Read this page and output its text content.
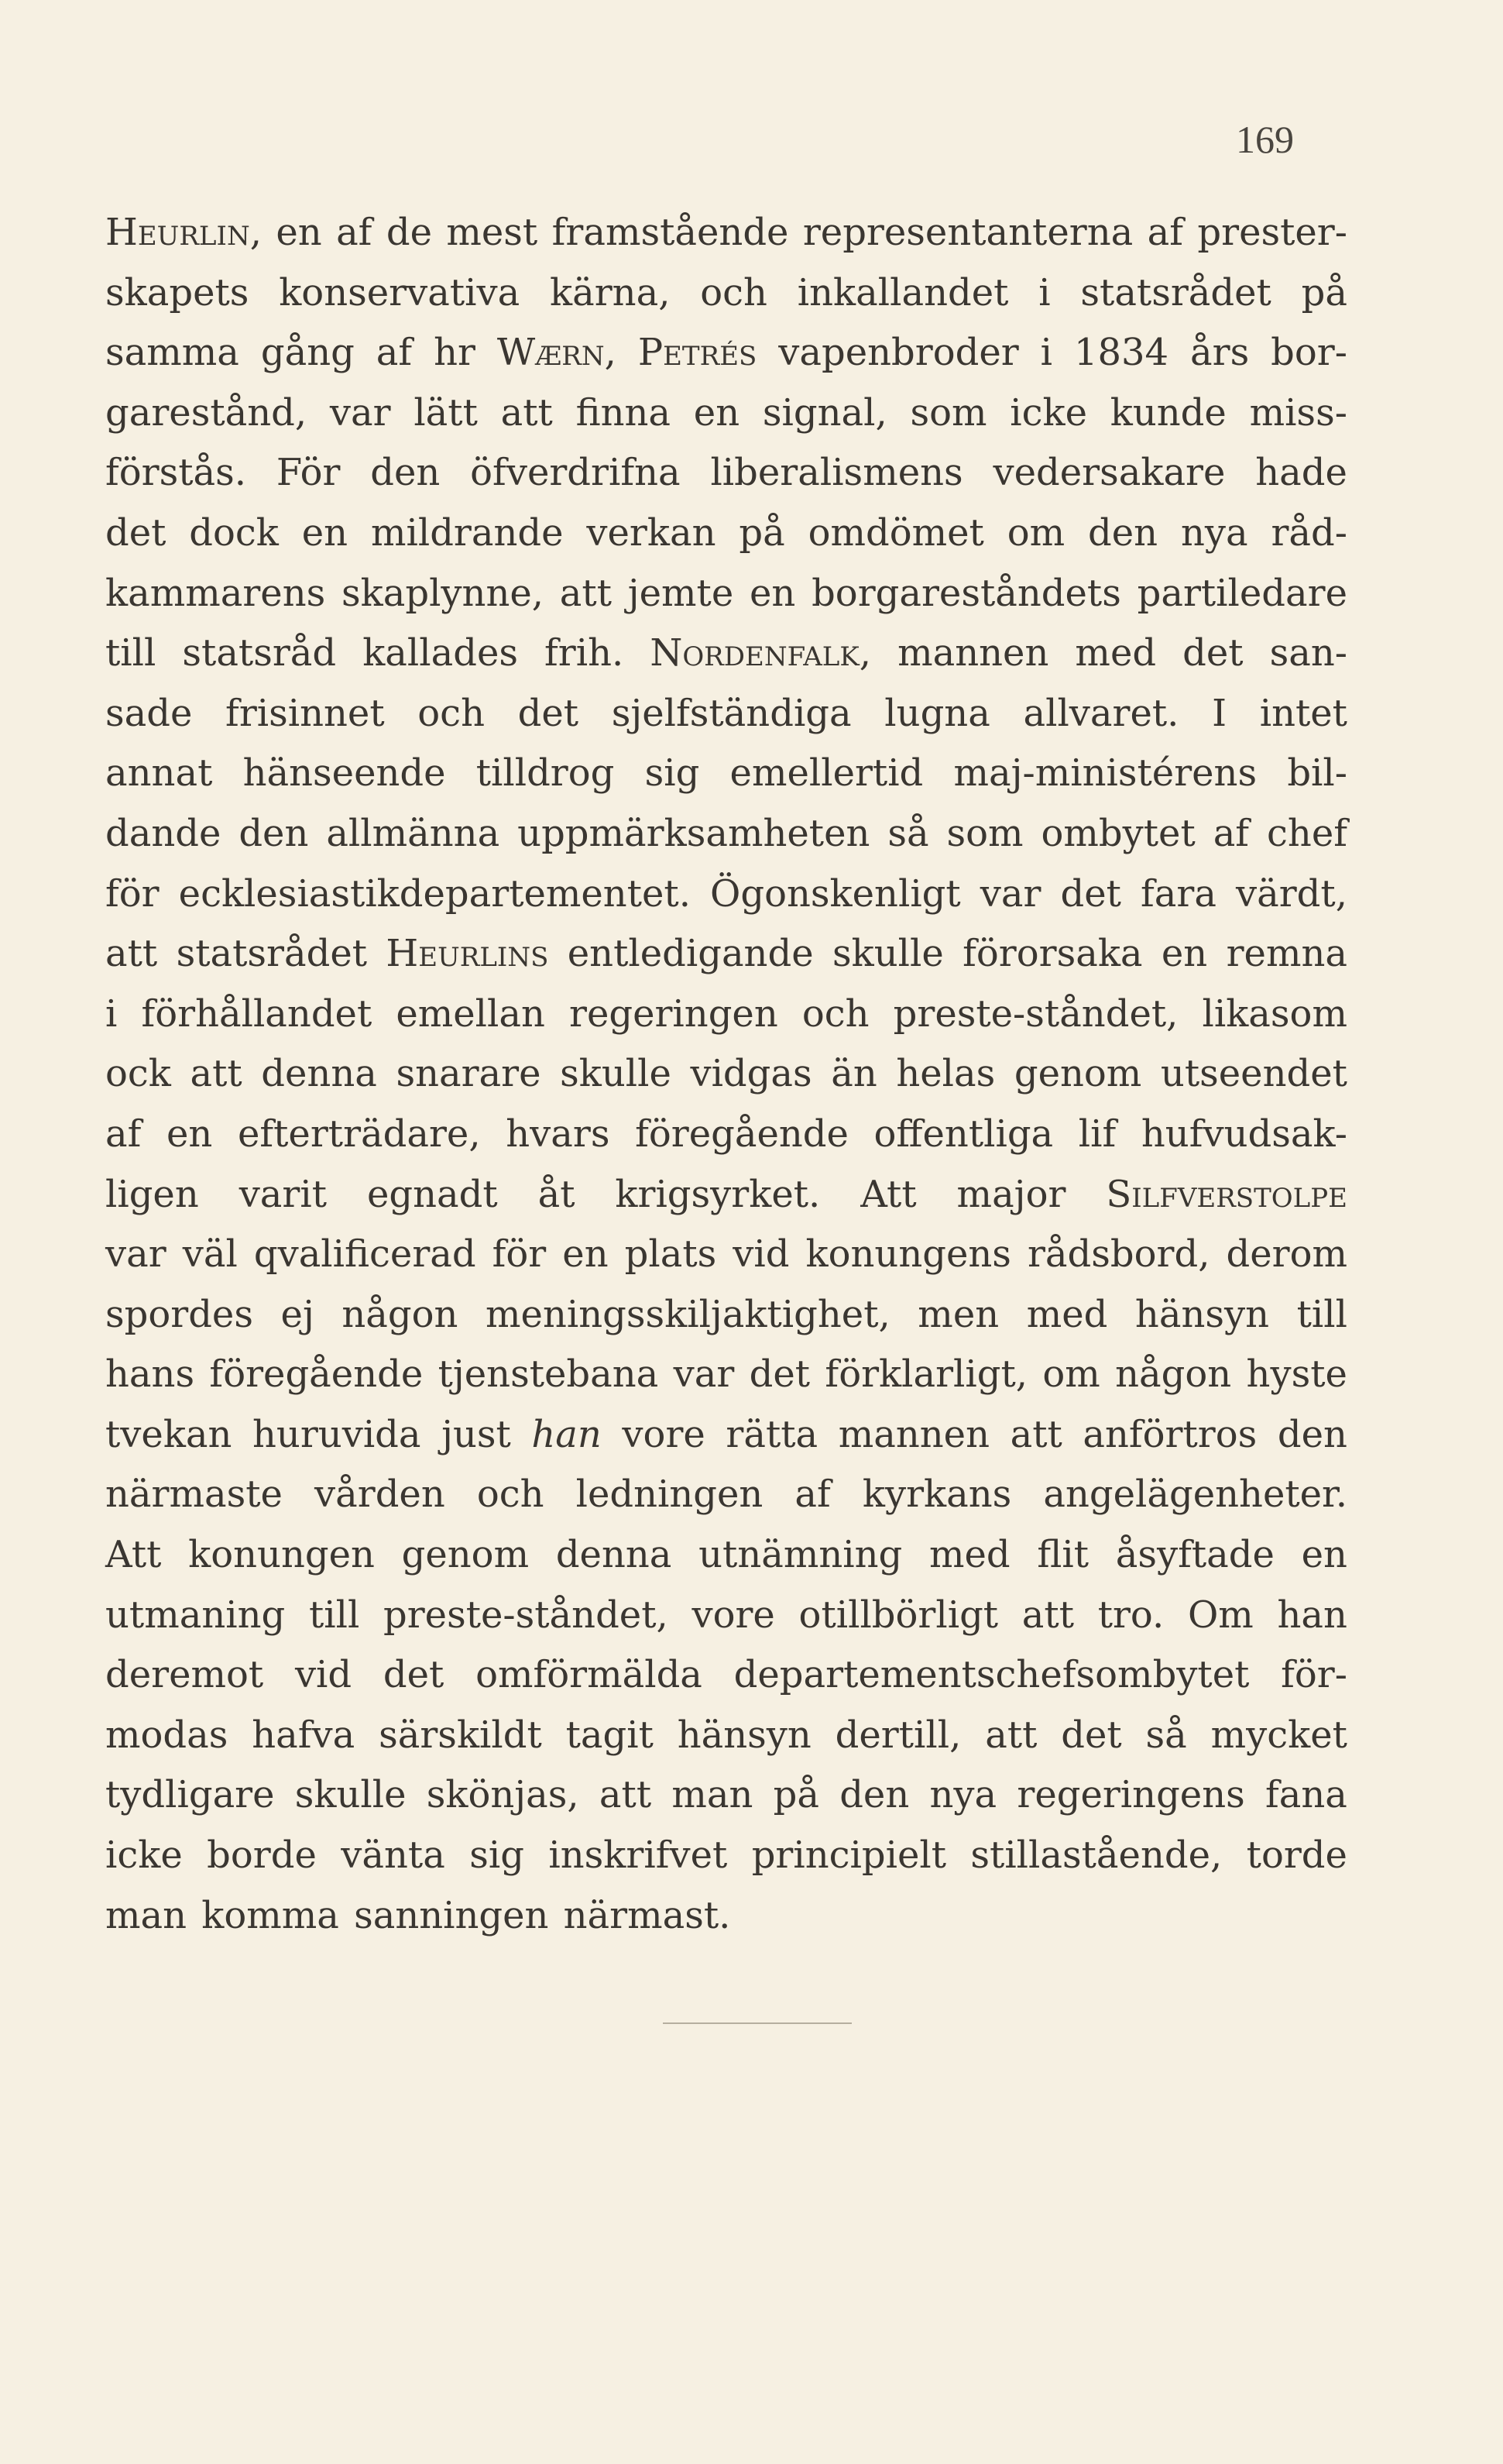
169
Heurlin, en af de mest framstående representanterna af prester-
skapets konservativa kärna, och inkallandet i statsrådet på
samma gång af hr Wærn, Petrés vapenbroder i 1834 års bor-
garestånd, var lätt att finna en signal, som icke kunde miss-
förstås. För den öfverdrifna liberalismens vedersakare hade
det dock en mildrande verkan på omdömet om den nya råd-
kammarens skaplynne, att jemte en borgareståndets partiledare
till statsråd kallades frih. Nordenfalk, mannen med det san-
sade frisinnet och det sjelfständiga lugna allvaret. I intet
annat hänseende tilldrog sig emellertid maj-ministérens bil-
dande den allmänna uppmärksamheten så som ombytet af chef
för ecklesiastikdepartementet. Ögonskenligt var det fara värdt,
att statsrådet Heurlins entledigande skulle förorsaka en remna
i förhållandet emellan regeringen och preste-ståndet, likasom
ock att denna snarare skulle vidgas än helas genom utseendet
af en efterträdare, hvars föregående offentliga lif hufvudsak-
ligen varit egnadt åt krigsyrket. Att major Silfverstolpe
var väl qvalificerad för en plats vid konungens rådsbord, derom
spordes ej någon meningsskiljaktighet, men med hänsyn till
hans föregående tjenstebana var det förklarligt, om någon hyste
tvekan huruvida just han vore rätta mannen att anförtros den
närmaste vården och ledningen af kyrkans angelägenheter.
Att konungen genom denna utnämning med flit åsyftade en
utmaning till preste-ståndet, vore otillbörligt att tro. Om han
deremot vid det omförmälda departementschefsombytet för-
modas hafva särskildt tagit hänsyn dertill, att det så mycket
tydligare skulle skönjas, att man på den nya regeringens fana
icke borde vänta sig inskrifvet principielt stillastående, torde
man komma sanningen närmast.
